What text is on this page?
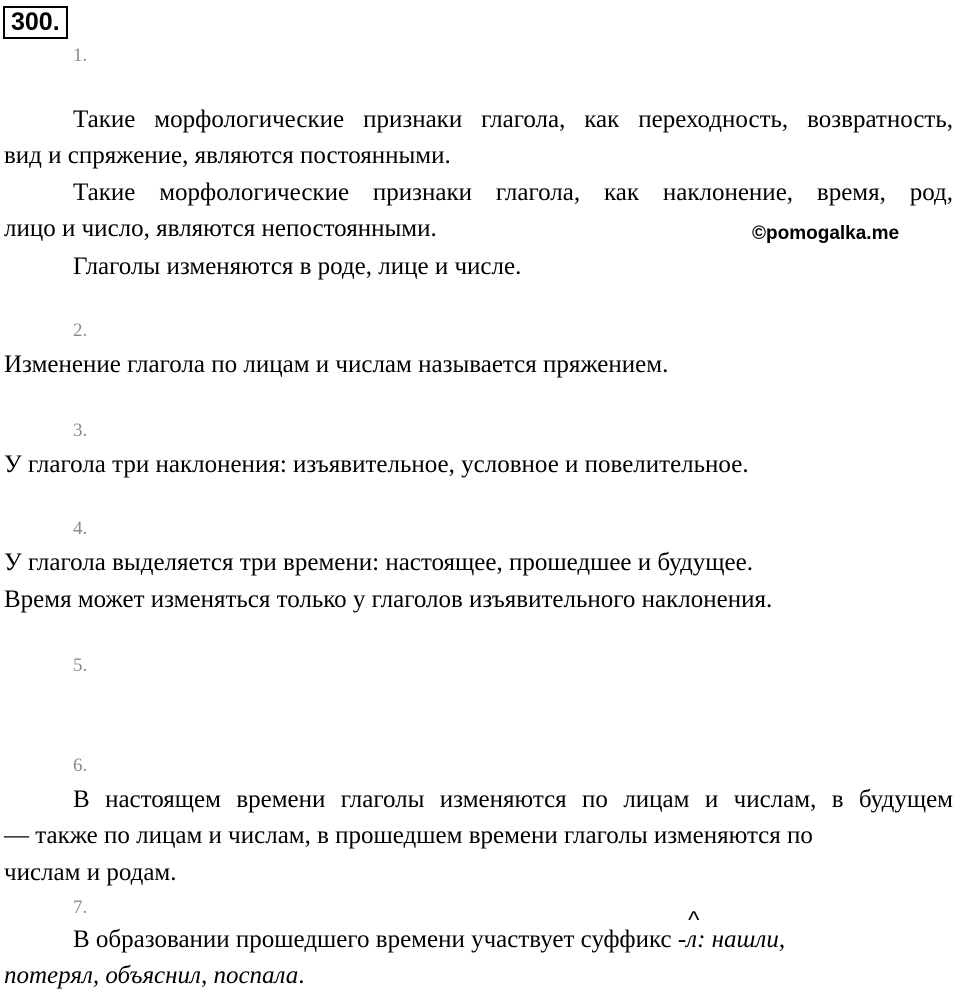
300.
1.
Такие морфологические признаки глагола, как переходность, возвратность,
вид и спряжение, являются постоянными.
Такие морфологические признаки глагола, как наклонение, время, род,
лицо и число, являются непостоянными.	©pomogalka.me
Глаголы изменяются в роде, лице и числе.
2.
Изменение глагола по лицам и числам называется пряжением.
3.
У глагола три наклонения: изъявительное, условное и повелительное.
4.
У глагола выделяется три времени: настоящее, прошедшее и будущее.
Время может изменяться только у глаголов изъявительного наклонения.
5.
6.
В настоящем времени глаголы изменяются по лицам и числам, в будущем
— также по лицам и числам, в прошедшем времени глаголы изменяются по
числам и родам.
7.
В образовании прошедшего времени участвует суффикс -
^
л: нашли,
потерял, объяснил, поспала.
